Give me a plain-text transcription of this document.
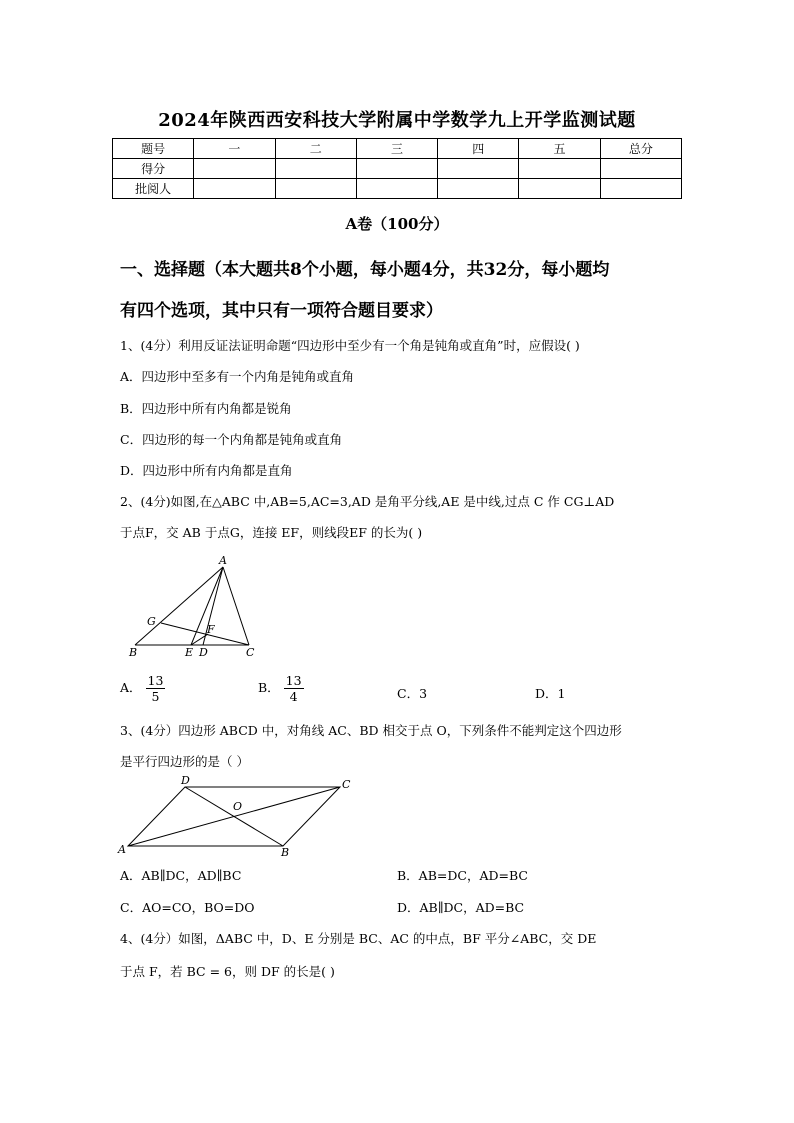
2024年陕西西安科技大学附属中学数学九上开学监测试题
题号	一	二	三	四	五	总分
得分						
批阅人						
A卷（100分）
一、选择题（本大题共8个小题，每小题4分，共32分，每小题均
有四个选项，其中只有一项符合题目要求）
1、(4分）利用反证法证明命题“四边形中至少有一个角是钝角或直角”时，应假设( )
A．四边形中至多有一个内角是钝角或直角
B．四边形中所有内角都是锐角
C．四边形的每一个内角都是钝角或直角
D．四边形中所有内角都是直角
2、(4分)如图,在△ABC 中,AB=5,AC=3,AD 是角平分线,AE 是中线,过点 C 作 CG⊥AD
于点F，交 AB 于点G，连接 EF，则线段EF 的长为( )
A
G
F
B	E D	C
A． $\frac{13}{5}$	B． $\frac{13}{4}$	C．3	D．1
3、(4分）四边形 ABCD 中，对角线 AC、BD 相交于点 O，下列条件不能判定这个四边形
是平行四边形的是（ ）
D	C
O
A	B
A．AB∥DC，AD∥BC	B．AB=DC，AD=BC
C．AO=CO，BO=DO	D．AB∥DC，AD=BC
4、(4分）如图，ΔABC 中，D、E 分别是 BC、AC 的中点，BF 平分∠ABC，交 DE
于点 F，若 BC = 6，则 DF 的长是( )
